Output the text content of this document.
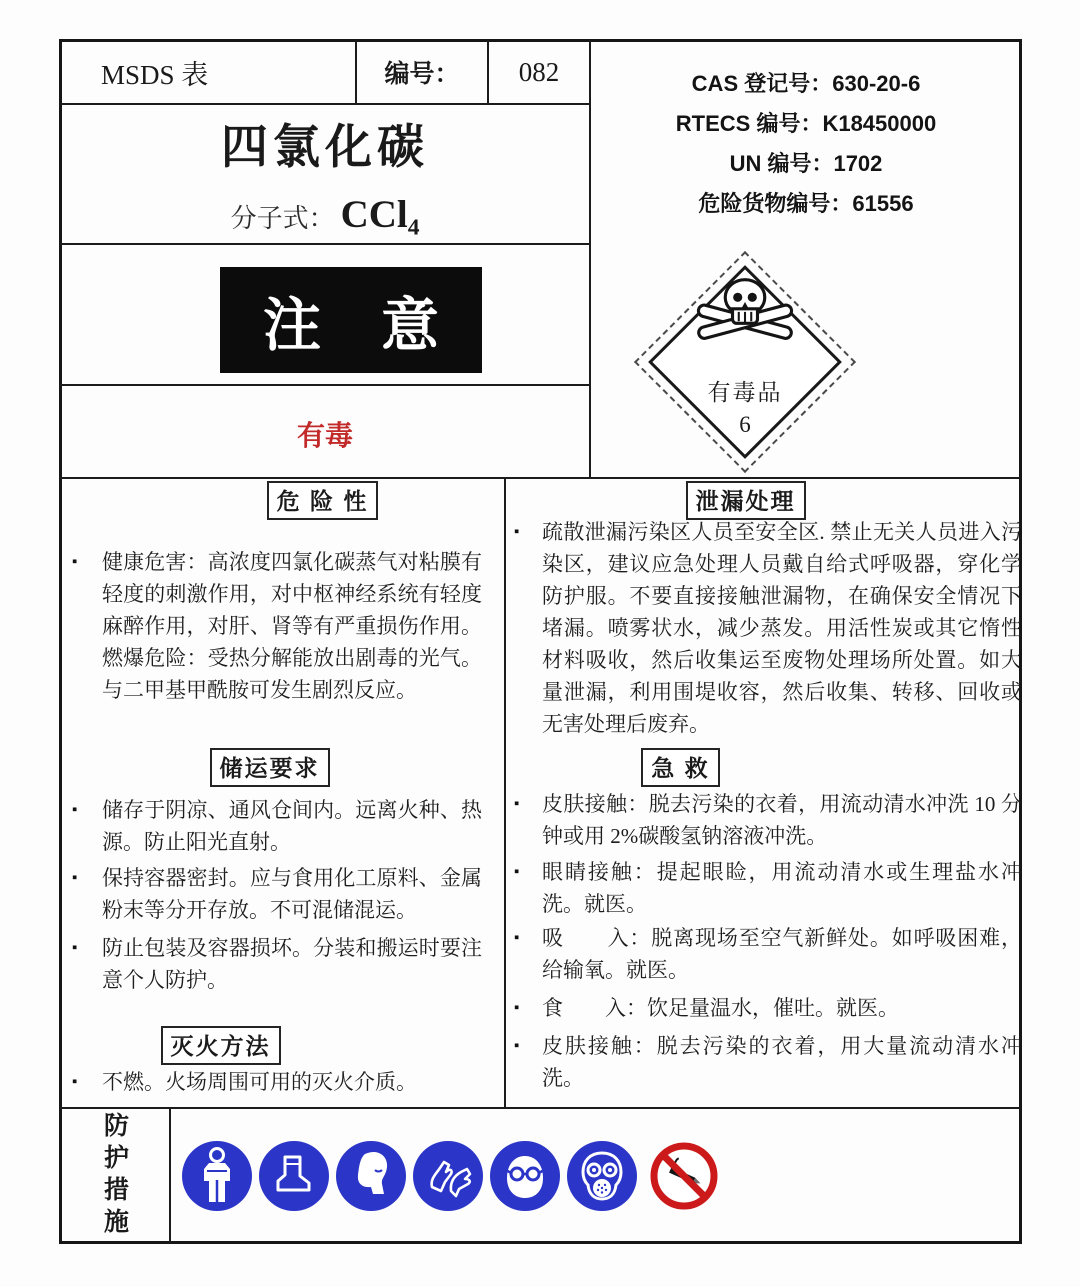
MSDS 表	编号：	082
四氯化碳
分子式： CCl₄
CAS 登记号：630-20-6
RTECS 编号：K18450000
UN 编号：1702
危险货物编号：61556
注 意
有毒
有毒品
6
危 险 性
▪	健康危害：高浓度四氯化碳蒸气对粘膜有轻度的刺激作用，对中枢神经系统有轻度麻醉作用，对肝、肾等有严重损伤作用。燃爆危险：受热分解能放出剧毒的光气。与二甲基甲酰胺可发生剧烈反应。
储运要求
▪	储存于阴凉、通风仓间内。远离火种、热源。防止阳光直射。
▪	保持容器密封。应与食用化工原料、金属粉末等分开存放。不可混储混运。
▪	防止包装及容器损坏。分装和搬运时要注意个人防护。
灭火方法
▪	不燃。火场周围可用的灭火介质。
泄漏处理
▪	疏散泄漏污染区人员至安全区. 禁止无关人员进入污染区，建议应急处理人员戴自给式呼吸器，穿化学防护服。不要直接接触泄漏物，在确保安全情况下堵漏。喷雾状水，减少蒸发。用活性炭或其它惰性材料吸收，然后收集运至废物处理场所处置。如大量泄漏，利用围堤收容，然后收集、转移、回收或无害处理后废弃。
急 救
▪	皮肤接触：脱去污染的衣着，用流动清水冲洗 10 分钟或用 2%碳酸氢钠溶液冲洗。
▪	眼睛接触：提起眼睑，用流动清水或生理盐水冲洗。就医。
▪	吸　　入：脱离现场至空气新鲜处。如呼吸困难，给输氧。就医。
▪	食　　入：饮足量温水，催吐。就医。
▪	皮肤接触：脱去污染的衣着，用大量流动清水冲洗。
防护措施
